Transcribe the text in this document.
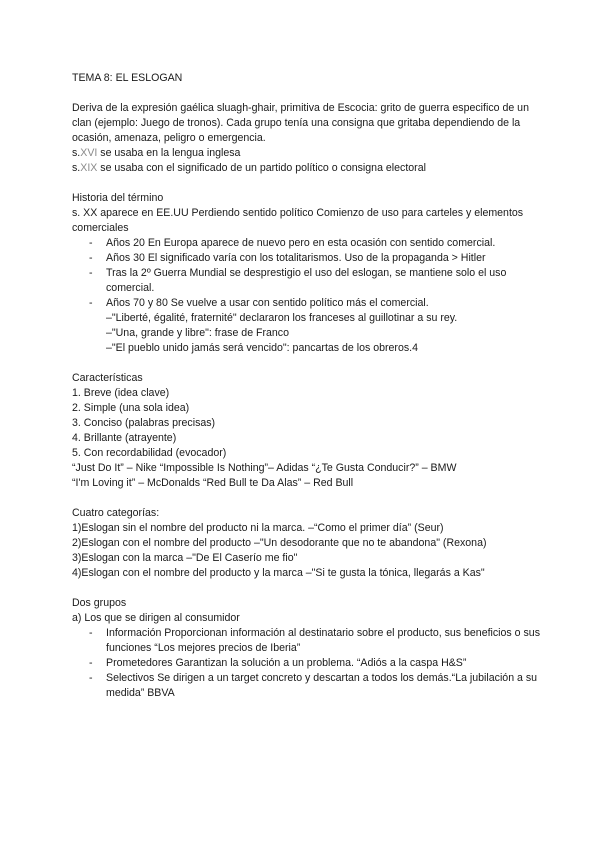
TEMA 8: EL ESLOGAN
Deriva de la expresión gaélica sluagh-ghair, primitiva de Escocia: grito de guerra especifico de un clan (ejemplo: Juego de tronos). Cada grupo tenía una consigna que gritaba dependiendo de la ocasión, amenaza, peligro o emergencia.
s.XVI se usaba en la lengua inglesa
s.XIX se usaba con el significado de un partido político o consigna electoral
Historia del término
s. XX aparece en EE.UU Perdiendo sentido político Comienzo de uso para carteles y elementos comerciales
- Años 20 En Europa aparece de nuevo pero en esta ocasión con sentido comercial.
- Años 30 El significado varía con los totalitarismos. Uso de la propaganda > Hitler
- Tras la 2º Guerra Mundial se desprestigio el uso del eslogan, se mantiene solo el uso comercial.
- Años 70 y 80 Se vuelve a usar con sentido político más el comercial.
–"Liberté, égalité, fraternité" declararon los franceses al guillotinar a su rey.
–"Una, grande y libre": frase de Franco
–"El pueblo unido jamás será vencido": pancartas de los obreros.4
Características
1. Breve (idea clave)
2. Simple (una sola idea)
3. Conciso (palabras precisas)
4. Brillante (atrayente)
5. Con recordabilidad (evocador)
“Just Do It” – Nike “Impossible Is Nothing”– Adidas “¿Te Gusta Conducir?” – BMW
“I'm Loving it” – McDonalds “Red Bull te Da Alas” – Red Bull
Cuatro categorías:
1)Eslogan sin el nombre del producto ni la marca. –“Como el primer día” (Seur)
2)Eslogan con el nombre del producto –"Un desodorante que no te abandona" (Rexona)
3)Eslogan con la marca –"De El Caserío me fio"
4)Eslogan con el nombre del producto y la marca –"Si te gusta la tónica, llegarás a Kas"
Dos grupos
a) Los que se dirigen al consumidor
- Información Proporcionan información al destinatario sobre el producto, sus beneficios o sus funciones “Los mejores precios de Iberia”
- Prometedores Garantizan la solución a un problema. “Adiós a la caspa H&S”
- Selectivos Se dirigen a un target concreto y descartan a todos los demás.“La jubilación a su medida” BBVA
